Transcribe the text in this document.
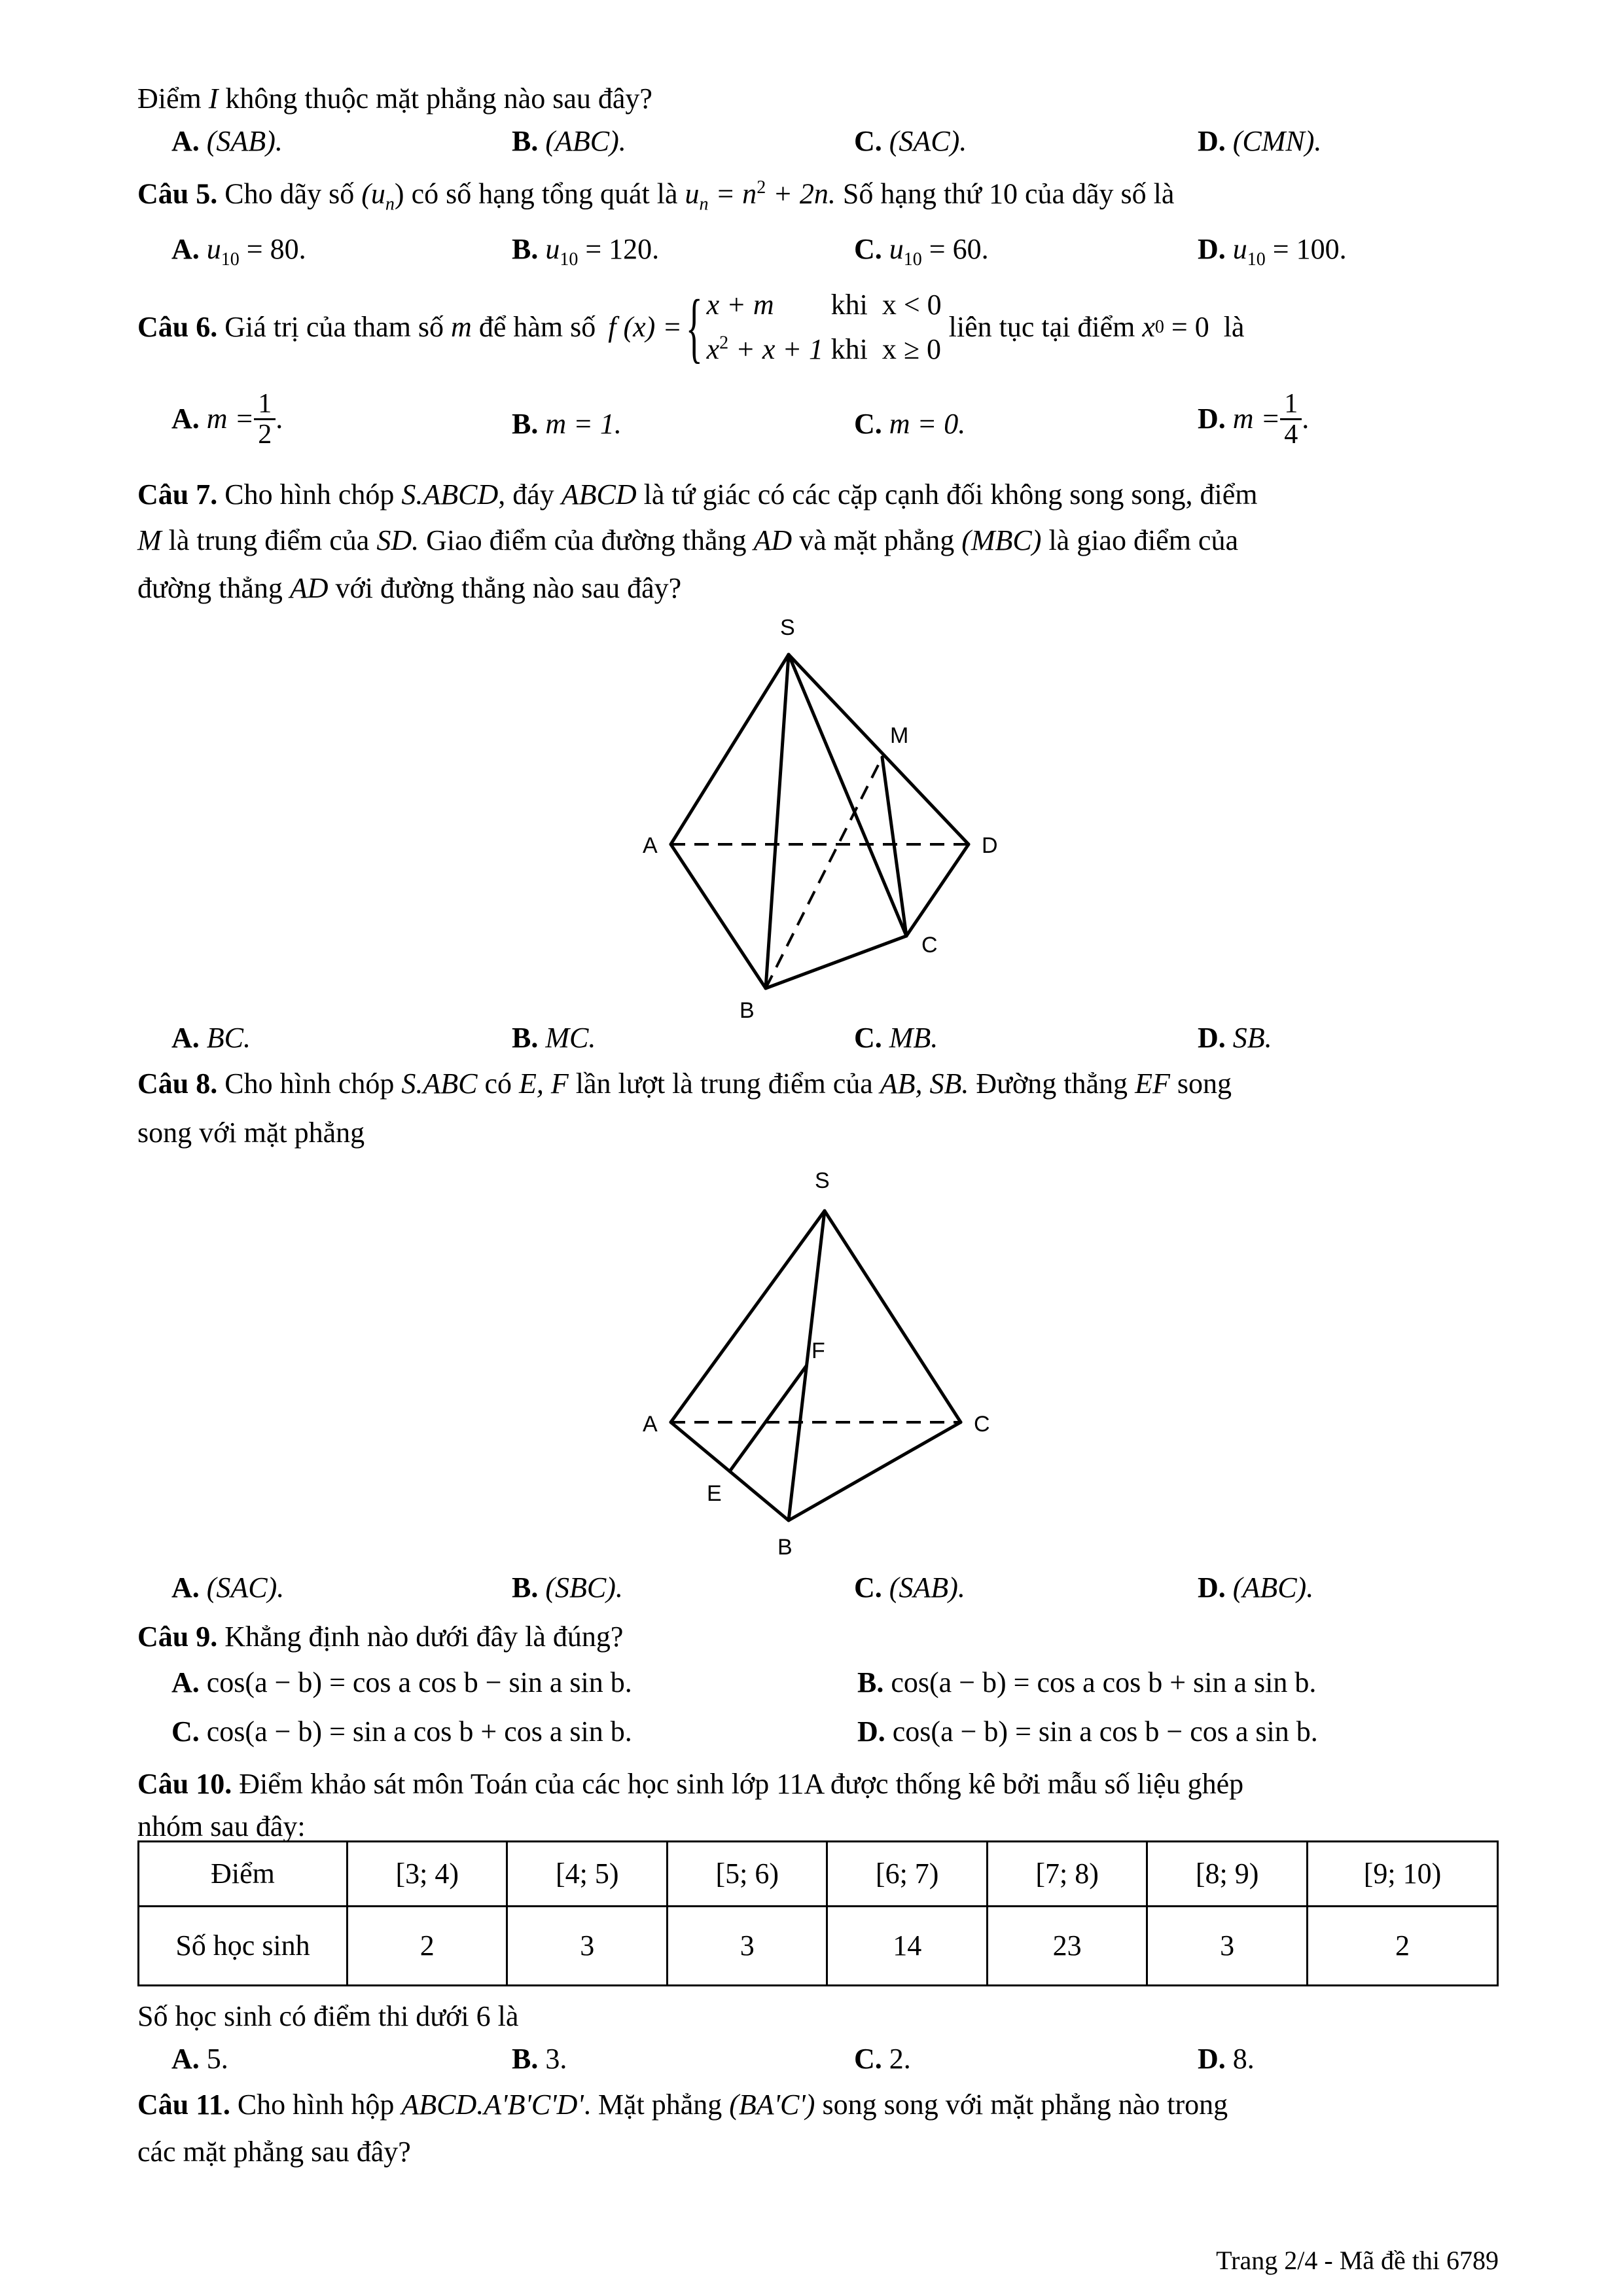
Điểm I không thuộc mặt phẳng nào sau đây?
A. (SAB).	B. (ABC).	C. (SAC).	D. (CMN).
Câu 5. Cho dãy số $(u_n)$ có số hạng tổng quát là $u_n = n^2 + 2n$. Số hạng thứ 10 của dãy số là
A. $u_{10} = 80$.	B. $u_{10} = 120$.	C. $u_{10} = 60$.	D. $u_{10} = 100$.
Câu 6. Giá trị của tham số m để hàm số f (x) = { x + m khi  x < 0
$x^2 + x + 1$ khi  x ≥ 0
liên tục tại điểm x 0 = 0 là
A.
$m = \frac{1}{2}$ .	B. m = 1.	C. m = 0.	D.
$m = \frac{1}{4}$ .
Câu 7. Cho hình chóp S.ABCD, đáy ABCD là tứ giác có các cặp cạnh đối không song song, điểm
M là trung điểm của SD. Giao điểm của đường thẳng AD và mặt phẳng (MBC) là giao điểm của
đường thẳng AD với đường thẳng nào sau đây?
S
A	D
M
C
B
A. BC.	B. MC.	C. MB.	D. SB.
Câu 8. Cho hình chóp S.ABC có E, F lần lượt là trung điểm của AB, SB. Đường thẳng EF song
song với mặt phẳng
S
A	C
F
E
B
A. (SAC).	B. (SBC).	C. (SAB).	D. (ABC).
Câu 9. Khẳng định nào dưới đây là đúng?
A. cos(a − b) = cos a cos b − sin a sin b.	B. cos(a − b) = cos a cos b + sin a sin b.
C. cos(a − b) = sin a cos b + cos a sin b.	D. cos(a − b) = sin a cos b − cos a sin b.
Câu 10. Điểm khảo sát môn Toán của các học sinh lớp 11A được thống kê bởi mẫu số liệu ghép
nhóm sau đây:
Điểm	[3; 4)	[4; 5)	[5; 6)	[6; 7)	[7; 8)	[8; 9)	[9; 10)
Số học sinh	2	3	3	14	23	3	2
Số học sinh có điểm thi dưới 6 là
A. 5.	B. 3.	C. 2.	D. 8.
Câu 11. Cho hình hộp ABCD.A'B'C'D'. Mặt phẳng (BA'C') song song với mặt phẳng nào trong
các mặt phẳng sau đây?
Trang 2/4 - Mã đề thi 6789
